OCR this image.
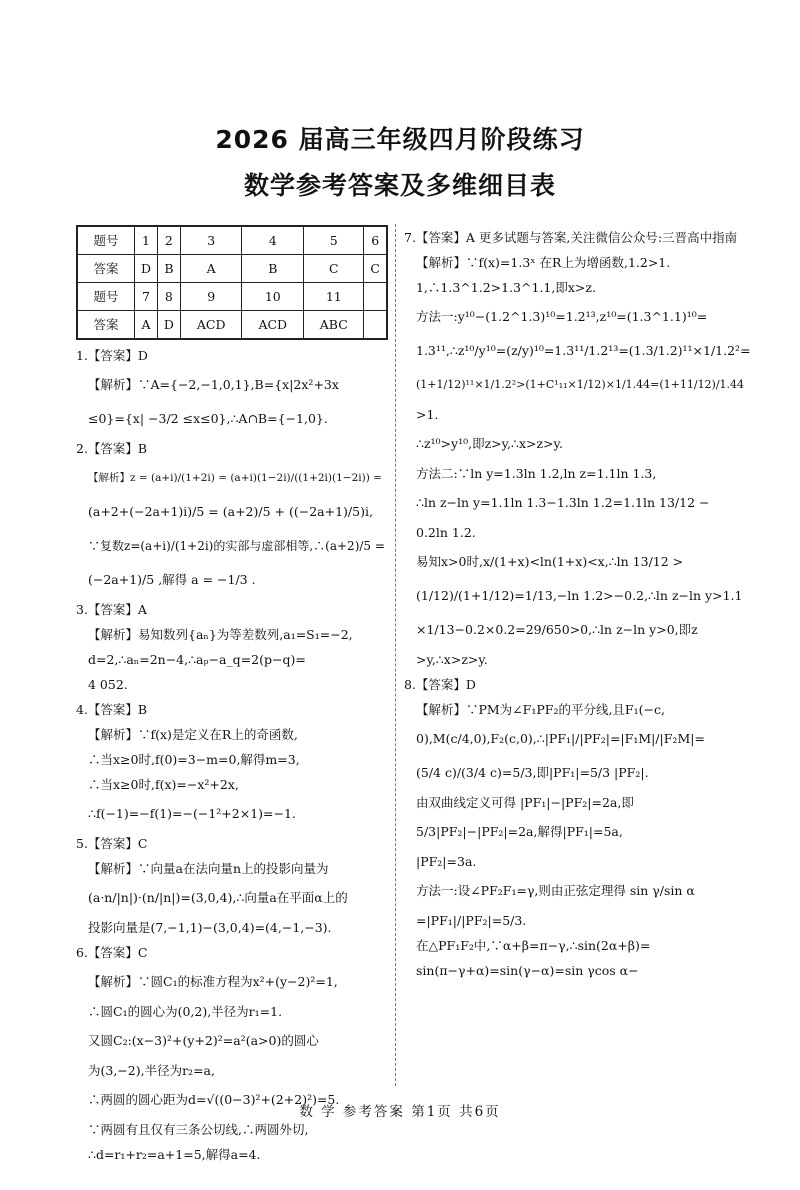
2026 届高三年级四月阶段练习
数学参考答案及多维细目表
题号	1	2	3	4	5	6
答案	D	B	A	B	C	C
题号	7	8	9	10	11	
答案	A	D	ACD	ACD	ABC	
1.【答案】D
【解析】∵A={−2,−1,0,1},B={x|2x²+3x
≤0}={x| −3/2 ≤x≤0},∴A∩B={−1,0}.
2.【答案】B
【解析】z = (a+i)/(1+2i) = (a+i)(1−2i)/((1+2i)(1−2i)) =
(a+2+(−2a+1)i)/5 = (a+2)/5 + ((−2a+1)/5)i,
∵复数z=(a+i)/(1+2i)的实部与虚部相等,∴(a+2)/5 =
(−2a+1)/5 ,解得 a = −1/3 .
3.【答案】A
【解析】易知数列{aₙ}为等差数列,a₁=S₁=−2,
d=2,∴aₙ=2n−4,∴aₚ−a_q=2(p−q)=
4 052.
4.【答案】B
【解析】∵f(x)是定义在R上的奇函数,
∴当x≥0时,f(0)=3−m=0,解得m=3,
∴当x≥0时,f(x)=−x²+2x,
∴f(−1)=−f(1)=−(−1²+2×1)=−1.
5.【答案】C
【解析】∵向量a在法向量n上的投影向量为
(a·n/|n|)·(n/|n|)=(3,0,4),∴向量a在平面α上的
投影向量是(7,−1,1)−(3,0,4)=(4,−1,−3).
6.【答案】C
【解析】∵圆C₁的标准方程为x²+(y−2)²=1,
∴圆C₁的圆心为(0,2),半径为r₁=1.
又圆C₂:(x−3)²+(y+2)²=a²(a>0)的圆心
为(3,−2),半径为r₂=a,
∴两圆的圆心距为d=√((0−3)²+(2+2)²)=5.
∵两圆有且仅有三条公切线,∴两圆外切,
∴d=r₁+r₂=a+1=5,解得a=4.
7.【答案】A 更多试题与答案,关注微信公众号:三晋高中指南
【解析】∵f(x)=1.3ˣ 在R上为增函数,1.2>1.
1,∴1.3^1.2>1.3^1.1,即x>z.
方法一:y¹⁰−(1.2^1.3)¹⁰=1.2¹³,z¹⁰=(1.3^1.1)¹⁰=
1.3¹¹,∴z¹⁰/y¹⁰=(z/y)¹⁰=1.3¹¹/1.2¹³=(1.3/1.2)¹¹×1/1.2²=
(1+1/12)¹¹×1/1.2²>(1+C¹₁₁×1/12)×1/1.44=(1+11/12)/1.44
>1.
∴z¹⁰>y¹⁰,即z>y,∴x>z>y.
方法二:∵ln y=1.3ln 1.2,ln z=1.1ln 1.3,
∴ln z−ln y=1.1ln 1.3−1.3ln 1.2=1.1ln 13/12 −
0.2ln 1.2.
易知x>0时,x/(1+x)<ln(1+x)<x,∴ln 13/12 >
(1/12)/(1+1/12)=1/13,−ln 1.2>−0.2,∴ln z−ln y>1.1
×1/13−0.2×0.2=29/650>0,∴ln z−ln y>0,即z
>y,∴x>z>y.
8.【答案】D
【解析】∵PM为∠F₁PF₂的平分线,且F₁(−c,
0),M(c/4,0),F₂(c,0),∴|PF₁|/|PF₂|=|F₁M|/|F₂M|=
(5/4 c)/(3/4 c)=5/3,即|PF₁|=5/3 |PF₂|.
由双曲线定义可得 |PF₁|−|PF₂|=2a,即
5/3|PF₂|−|PF₂|=2a,解得|PF₁|=5a,
|PF₂|=3a.
方法一:设∠PF₂F₁=γ,则由正弦定理得 sin γ/sin α
=|PF₁|/|PF₂|=5/3.
在△PF₁F₂中,∵α+β=π−γ,∴sin(2α+β)=
sin(π−γ+α)=sin(γ−α)=sin γcos α−
数 学 参考答案 第1页 共6页
